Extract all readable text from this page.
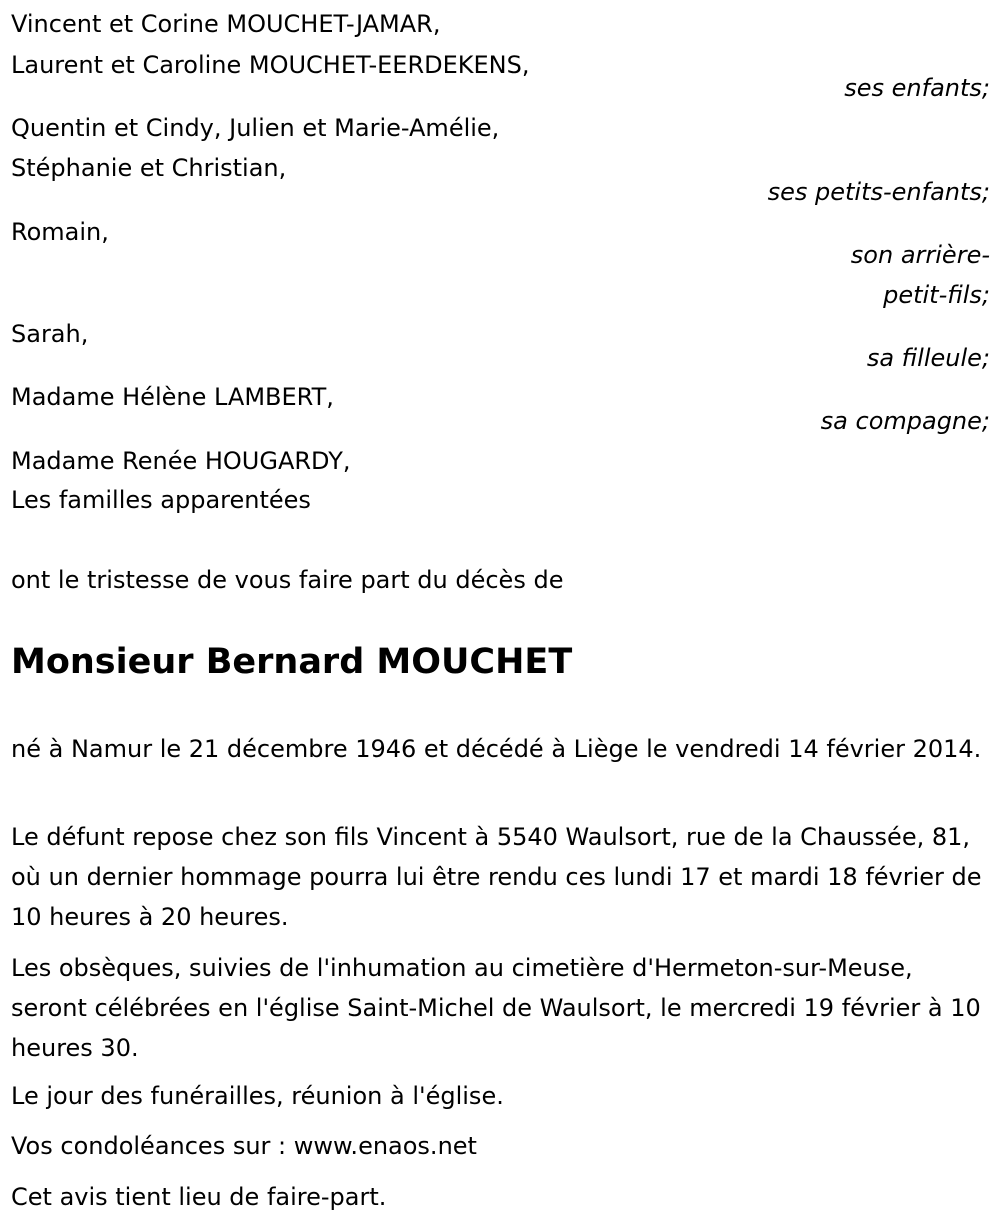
Vincent et Corine MOUCHET-JAMAR,
Laurent et Caroline MOUCHET-EERDEKENS,
ses enfants;
Quentin et Cindy, Julien et Marie-Amélie,
Stéphanie et Christian,
ses petits-enfants;
Romain,
son arrière-
petit-fils;
Sarah,
sa filleule;
Madame Hélène LAMBERT,
sa compagne;
Madame Renée HOUGARDY,
Les familles apparentées
ont le tristesse de vous faire part du décès de
Monsieur Bernard MOUCHET
né à Namur le 21 décembre 1946 et décédé à Liège le vendredi 14 février 2014.
Le défunt repose chez son fils Vincent à 5540 Waulsort, rue de la Chaussée, 81, où un dernier hommage pourra lui être rendu ces lundi 17 et mardi 18 février de 10 heures à 20 heures.
Les obsèques, suivies de l'inhumation au cimetière d'Hermeton-sur-Meuse, seront célébrées en l'église Saint-Michel de Waulsort, le mercredi 19 février à 10 heures 30.
Le jour des funérailles, réunion à l'église.
Vos condoléances sur : www.enaos.net
Cet avis tient lieu de faire-part.
